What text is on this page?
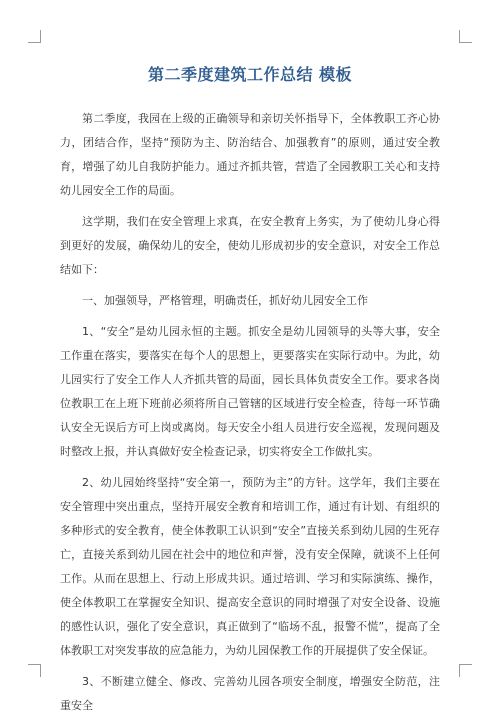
第二季度建筑工作总结 模板

第二季度，我园在上级的正确领导和亲切关怀指导下，全体教职工齐心协力，团结合作，坚持“预防为主、防治结合、加强教育”的原则，通过安全教育，增强了幼儿自我防护能力。通过齐抓共管，营造了全园教职工关心和支持幼儿园安全工作的局面。

这学期，我们在安全管理上求真，在安全教育上务实，为了使幼儿身心得到更好的发展，确保幼儿的安全，使幼儿形成初步的安全意识，对安全工作总结如下：

一、加强领导，严格管理，明确责任，抓好幼儿园安全工作

1、“安全”是幼儿园永恒的主题。抓安全是幼儿园领导的头等大事，安全工作重在落实，要落实在每个人的思想上，更要落实在实际行动中。为此，幼儿园实行了安全工作人人齐抓共管的局面，园长具体负责安全工作。要求各岗位教职工在上班下班前必须将所自己管辖的区域进行安全检查，待每一环节确认安全无误后方可上岗或离岗。每天安全小组人员进行安全巡视，发现问题及时整改上报，并认真做好安全检查记录，切实将安全工作做扎实。

2、幼儿园始终坚持“安全第一，预防为主”的方针。这学年，我们主要在安全管理中突出重点，坚持开展安全教育和培训工作，通过有计划、有组织的多种形式的安全教育，使全体教职工认识到“安全”直接关系到幼儿园的生死存亡，直接关系到幼儿园在社会中的地位和声誉，没有安全保障，就谈不上任何工作。从而在思想上、行动上形成共识。通过培训、学习和实际演练、操作，使全体教职工在掌握安全知识、提高安全意识的同时增强了对安全设备、设施的感性认识，强化了安全意识，真正做到了“临场不乱，报警不慌”，提高了全体教职工对突发事故的应急能力，为幼儿园保教工作的开展提供了安全保证。

3、不断建立健全、修改、完善幼儿园各项安全制度，增强安全防范，注重安全
